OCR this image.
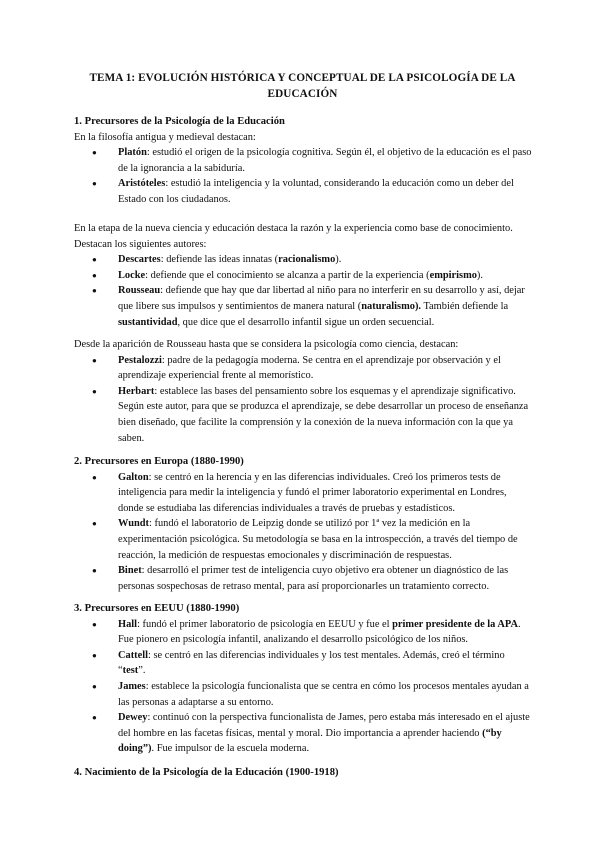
TEMA 1: EVOLUCIÓN HISTÓRICA Y CONCEPTUAL DE LA PSICOLOGÍA DE LA EDUCACIÓN
1. Precursores de la Psicología de la Educación

En la filosofía antigua y medieval destacan:

● Platón: estudió el origen de la psicología cognitiva. Según él, el objetivo de la educación es el paso de la ignorancia a la sabiduría.
● Aristóteles: estudió la inteligencia y la voluntad, considerando la educación como un deber del Estado con los ciudadanos.

En la etapa de la nueva ciencia y educación destaca la razón y la experiencia como base de conocimiento. Destacan los siguientes autores:

● Descartes: defiende las ideas innatas (racionalismo).
● Locke: defiende que el conocimiento se alcanza a partir de la experiencia (empirismo).
● Rousseau: defiende que hay que dar libertad al niño para no interferir en su desarrollo y así, dejar que libere sus impulsos y sentimientos de manera natural (naturalismo). También defiende la sustantividad, que dice que el desarrollo infantil sigue un orden secuencial.

Desde la aparición de Rousseau hasta que se considera la psicología como ciencia, destacan:

● Pestalozzi: padre de la pedagogía moderna. Se centra en el aprendizaje por observación y el aprendizaje experiencial frente al memorístico.
● Herbart: establece las bases del pensamiento sobre los esquemas y el aprendizaje significativo. Según este autor, para que se produzca el aprendizaje, se debe desarrollar un proceso de enseñanza bien diseñado, que facilite la comprensión y la conexión de la nueva información con la que ya saben.
2. Precursores en Europa (1880-1990)
● Galton: se centró en la herencia y en las diferencias individuales. Creó los primeros tests de inteligencia para medir la inteligencia y fundó el primer laboratorio experimental en Londres, donde se estudiaba las diferencias individuales a través de pruebas y estadísticos.
● Wundt: fundó el laboratorio de Leipzig donde se utilizó por 1ª vez la medición en la experimentación psicológica. Su metodología se basa en la introspección, a través del tiempo de reacción, la medición de respuestas emocionales y discriminación de respuestas.
● Binet: desarrolló el primer test de inteligencia cuyo objetivo era obtener un diagnóstico de las personas sospechosas de retraso mental, para así proporcionarles un tratamiento correcto.
3. Precursores en EEUU (1880-1990)
● Hall: fundó el primer laboratorio de psicología en EEUU y fue el primer presidente de la APA. Fue pionero en psicología infantil, analizando el desarrollo psicológico de los niños.
● Cattell: se centró en las diferencias individuales y los test mentales. Además, creó el término “test”.
● James: establece la psicología funcionalista que se centra en cómo los procesos mentales ayudan a las personas a adaptarse a su entorno.
● Dewey: continuó con la perspectiva funcionalista de James, pero estaba más interesado en el ajuste del hombre en las facetas físicas, mental y moral. Dio importancia a aprender haciendo (“by doing”). Fue impulsor de la escuela moderna.
4. Nacimiento de la Psicología de la Educación (1900-1918)
